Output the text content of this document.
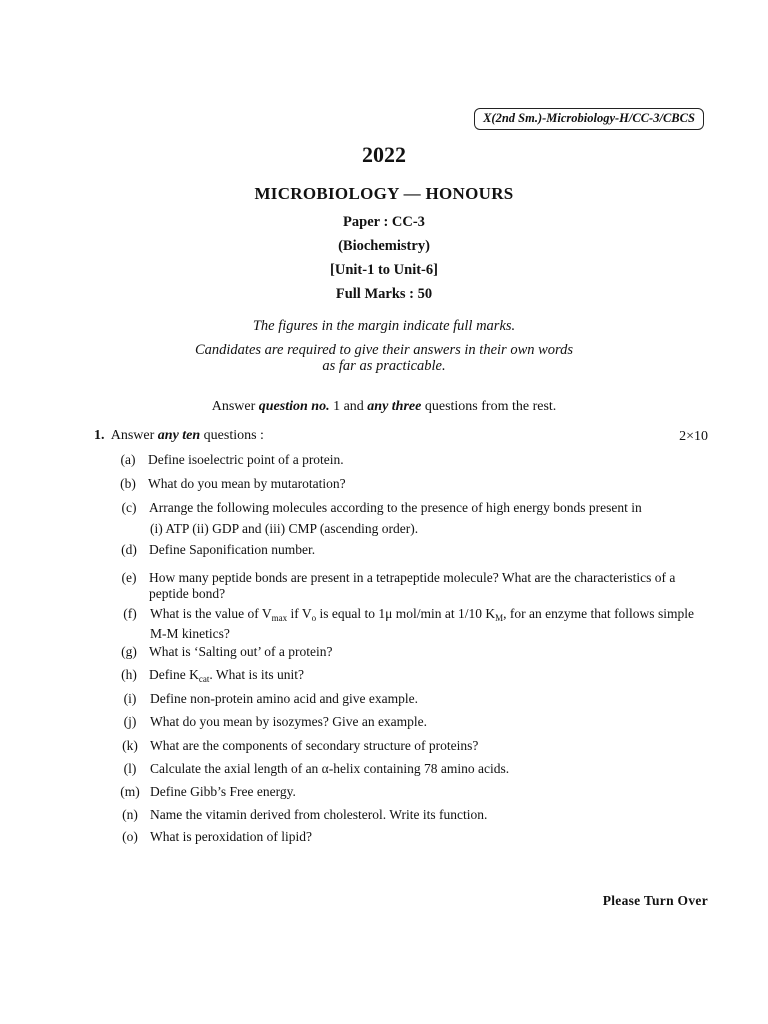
X(2nd Sm.)-Microbiology-H/CC-3/CBCS
2022
MICROBIOLOGY — HONOURS
Paper : CC-3
(Biochemistry)
[Unit-1 to Unit-6]
Full Marks : 50
The figures in the margin indicate full marks.
Candidates are required to give their answers in their own words
as far as practicable.
Answer question no. 1 and any three questions from the rest.
1. Answer any ten questions :	2×10
(a) Define isoelectric point of a protein.
(b) What do you mean by mutarotation?
(c) Arrange the following molecules according to the presence of high energy bonds present in
(i) ATP (ii) GDP and (iii) CMP (ascending order).
(d) Define Saponification number.
(e) How many peptide bonds are present in a tetrapeptide molecule? What are the characteristics of a peptide bond?
(f) What is the value of $V_{max}$ if $V_o$ is equal to 1μ mol/min at 1/10 $K_M$, for an enzyme that follows simple M-M kinetics?
(g) What is ‘Salting out’ of a protein?
(h) Define $K_{cat}$. What is its unit?
(i)	Define non-protein amino acid and give example.
(j)	What do you mean by isozymes? Give an example.
(k) What are the components of secondary structure of proteins?
(l)	Calculate the axial length of an α-helix containing 78 amino acids.
(m) Define Gibb’s Free energy.
(n) Name the vitamin derived from cholesterol. Write its function.
(o) What is peroxidation of lipid?
Please Turn Over
